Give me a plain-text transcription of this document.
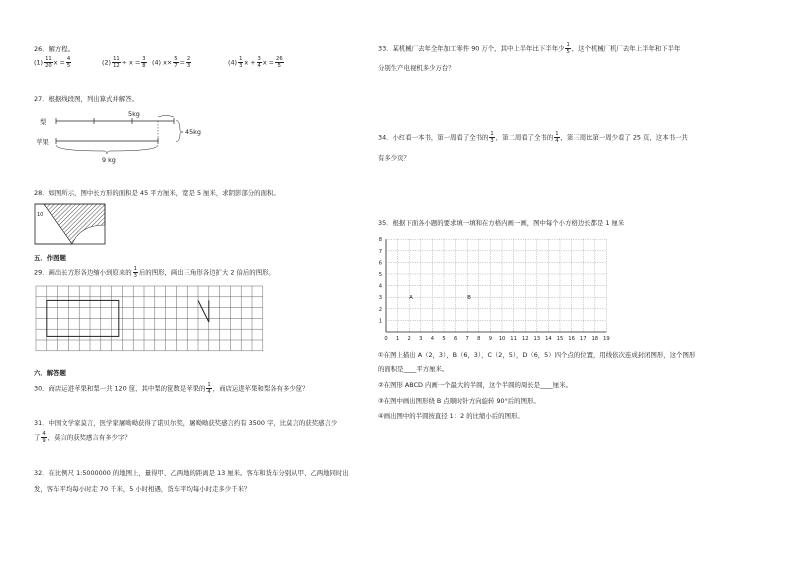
26．解方程。
$(1) \frac{11}{20}$ $x = \frac{4}{5}$	$(2) \frac{11}{12} \div x = \frac{3}{8} (4)$ $x\times \frac{5}{7} = \frac{2}{3}$	$(4) \frac{1}{3}$ $x + \frac{3}{4}$ $x = \frac{26}{5}$
27．根据线段图，列出算式并解答。
梨
苹果
5kg
45kg
9 kg
28．如图所示，图中长方形的面积是 45 平方厘米，宽是 5 厘米，求阴影部分的面积。
10
五．作图题
29．画出长方形各边缩小到原来的 $\frac{1}{3}$ 后的图形，画出三角形各边扩大 2 倍后的图形。
六．解答题
30．商店运进苹果和梨一共 120 筐，其中梨的筐数是苹果的 $\frac{1}{4}$ ，商店运进苹果和梨各有多少筐？
31．中国文学家莫言，医学家屠呦呦获得了诺贝尔奖，屠呦呦获奖感言约有 3500 字，比莫言的获奖感言少
了 $\frac{4}{9}$ ，莫言的获奖感言有多少字？
32．在比例尺 1:5000000 的地图上，量得甲、乙两地的距离是 13 厘米。客车和货车分别从甲、乙两地同时出
发，客车平均每小时走 70 千米，5 小时相遇，货车平均每小时走多少千米？
33．某机械厂去年全年加工零件 90 万个，其中上半年比下半年少 $\frac{1}{5}$ ，这个机械厂机厂去年上半年和下半年
分别生产电视机多少万台？
34．小红看一本书，第一周看了全书的 $\frac{1}{3}$ ，第二周看了全书的 $\frac{1}{4}$ ，第三周比第一周少看了 25 页，这本书一共
有多少页？
35．根据下面各小题的要求填一填和在方格内画一画，图中每个小方格边长都是 1 厘米
0 1 2 3 4 5 6 7 8 9 10 11 12 13 14 15 16 17 18 19
1
2
3
4
5
6
7
8
A	B
①在图上描出 A（2，3），B（6，3），C（2，5），D（6，5）四个点的位置，用线依次连成封闭图形，这个图形
的面积是____平方厘米。
②在图形 ABCD 内画一个最大的半圆，这个半圆的周长是____厘米。
③在图中画出图形绕 B 点顺时针方向旋转 90°后的图形。
④画出图中的半圆按直径 1：2 的比缩小后的图形。
